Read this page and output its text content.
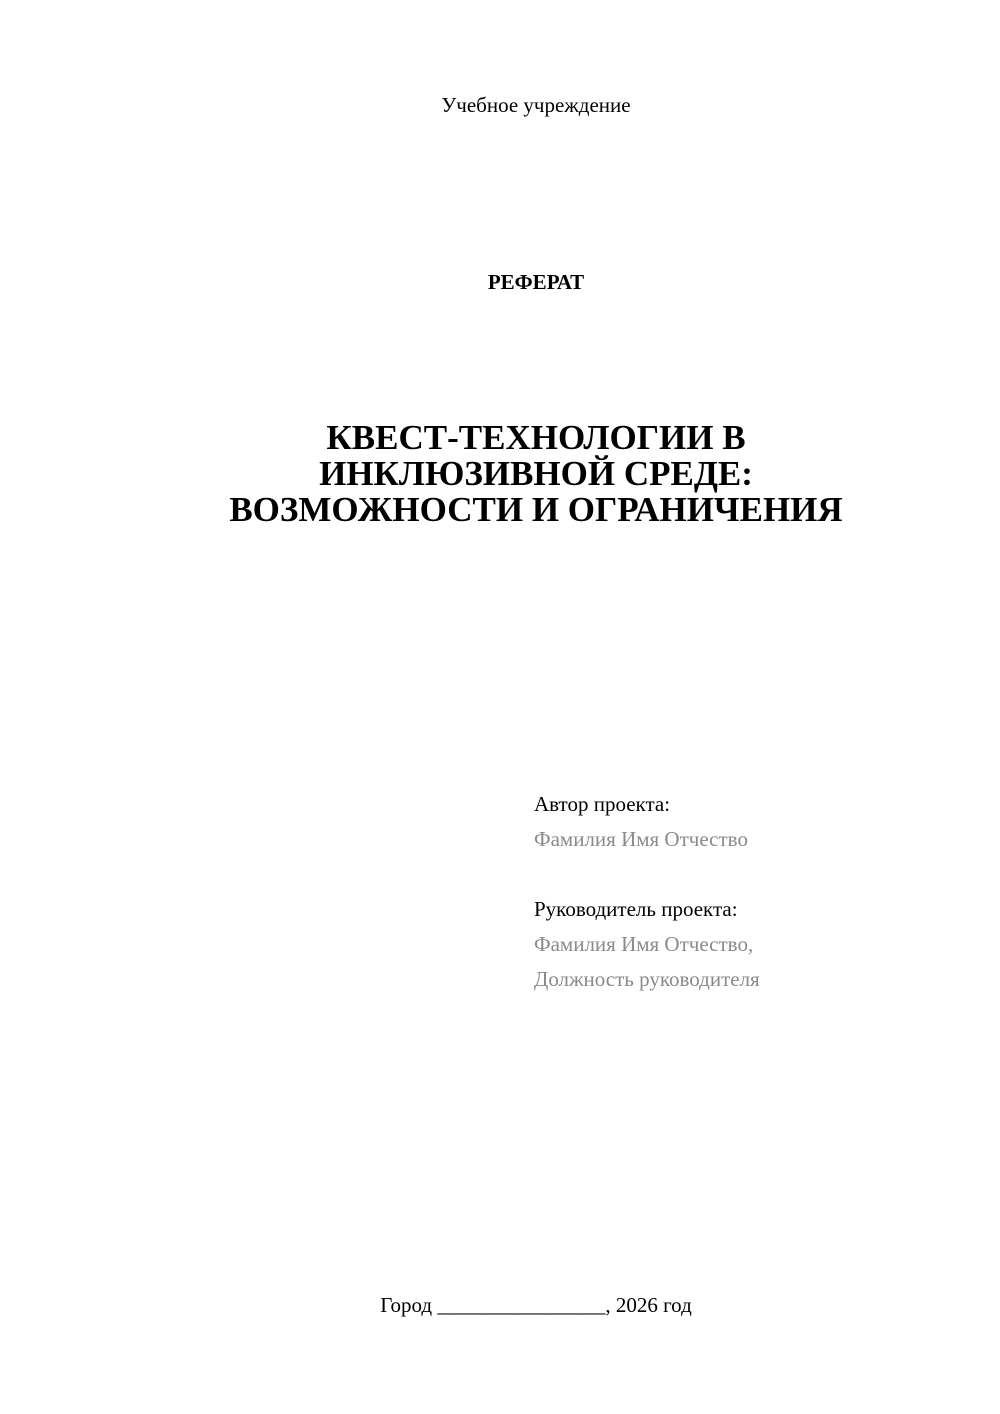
Учебное учреждение
РЕФЕРАТ
КВЕСТ-ТЕХНОЛОГИИ В
ИНКЛЮЗИВНОЙ СРЕДЕ:
ВОЗМОЖНОСТИ И ОГРАНИЧЕНИЯ
Автор проекта:
Фамилия Имя Отчество
Руководитель проекта:
Фамилия Имя Отчество,
Должность руководителя
Город ________________, 2026 год
